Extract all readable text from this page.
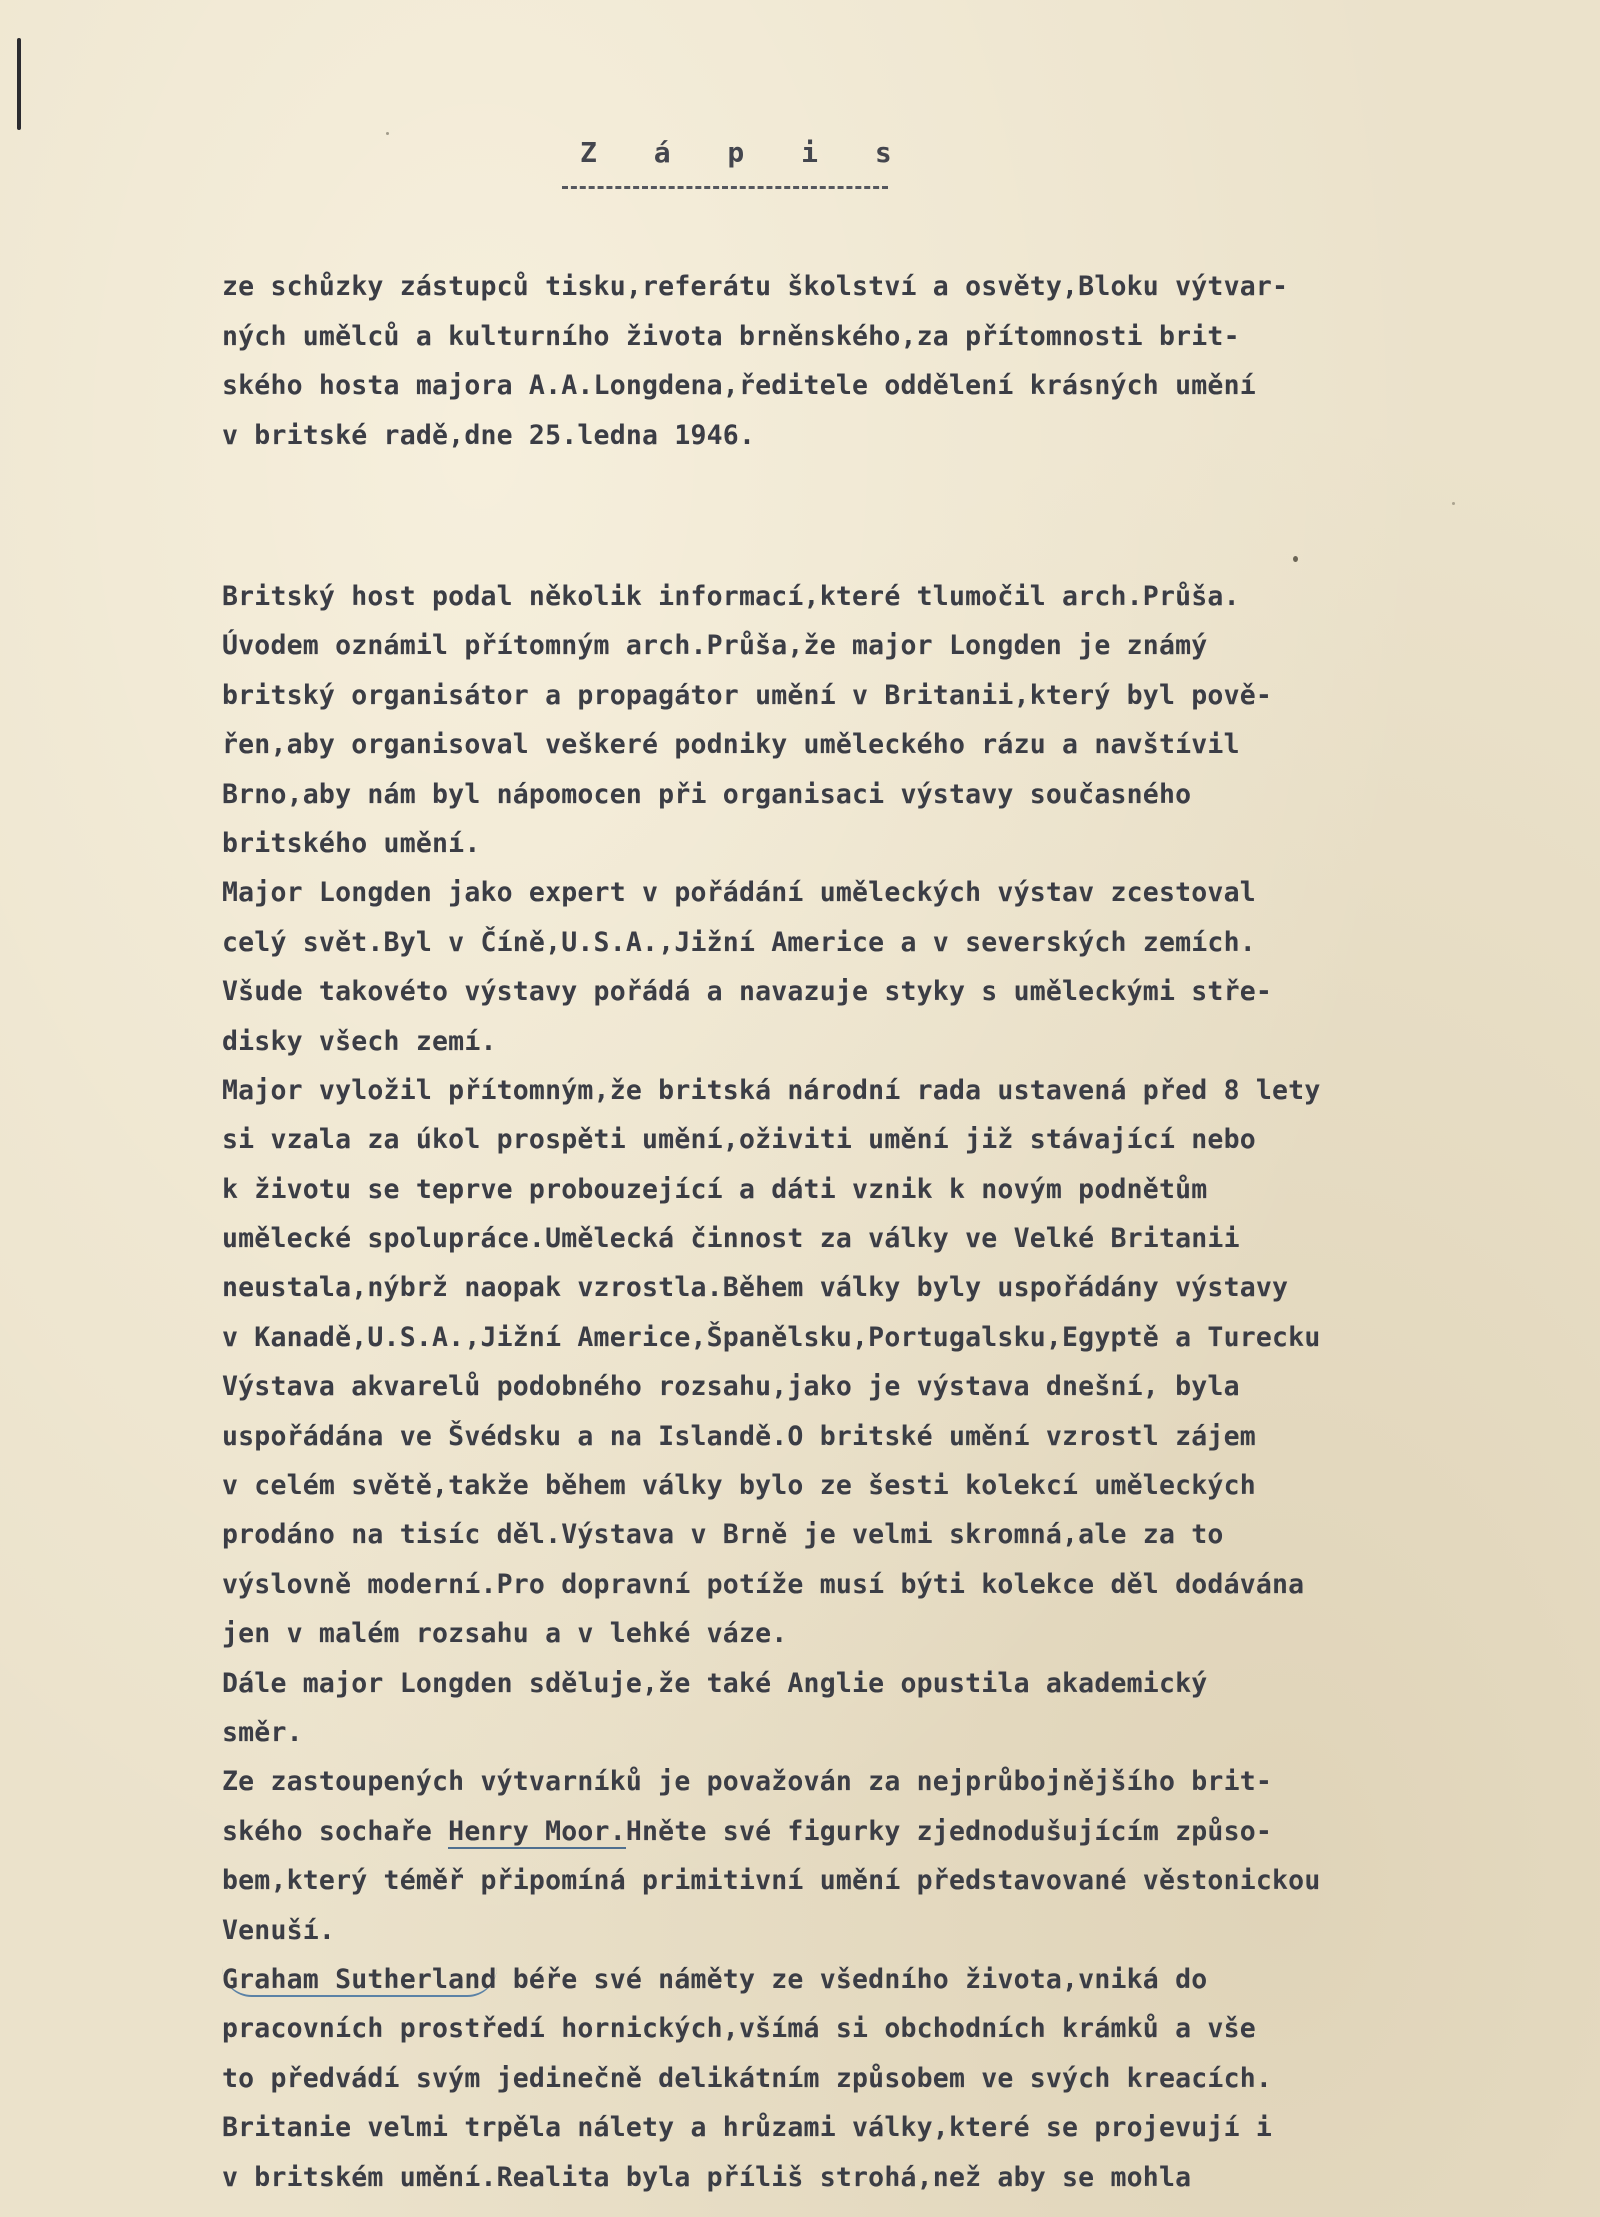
Z á p i s
ze schůzky zástupců tisku,referátu školství a osvěty,Bloku výtvar-
ných umělců a kulturního života brněnského,za přítomnosti brit-
ského hosta majora A.A.Longdena,ředitele oddělení krásných umění
v britské radě,dne 25.ledna 1946.
Britský host podal několik informací,které tlumočil arch.Průša.
Úvodem oznámil přítomným arch.Průša,že major Longden je známý
britský organisátor a propagátor umění v Britanii,který byl pově-
řen,aby organisoval veškeré podniky uměleckého rázu a navštívil
Brno,aby nám byl nápomocen při organisaci výstavy současného
britského umění.
Major Longden jako expert v pořádání uměleckých výstav zcestoval
celý svět.Byl v Číně,U.S.A.,Jižní Americe a v severských zemích.
Všude takovéto výstavy pořádá a navazuje styky s uměleckými stře-
disky všech zemí.
Major vyložil přítomným,že britská národní rada ustavená před 8 lety
si vzala za úkol prospěti umění,oživiti umění již stávající nebo
k životu se teprve probouzející a dáti vznik k novým podnětům
umělecké spolupráce.Umělecká činnost za války ve Velké Britanii
neustala,nýbrž naopak vzrostla.Během války byly uspořádány výstavy
v Kanadě,U.S.A.,Jižní Americe,Španělsku,Portugalsku,Egyptě a Turecku
Výstava akvarelů podobného rozsahu,jako je výstava dnešní, byla
uspořádána ve Švédsku a na Islandě.O britské umění vzrostl zájem
v celém světě,takže během války bylo ze šesti kolekcí uměleckých
prodáno na tisíc děl.Výstava v Brně je velmi skromná,ale za to
výslovně moderní.Pro dopravní potíže musí býti kolekce děl dodávána
jen v malém rozsahu a v lehké váze.
Dále major Longden sděluje,že také Anglie opustila akademický
směr.
Ze zastoupených výtvarníků je považován za nejprůbojnějšího brit-
ského sochaře Henry Moor.Hněte své figurky zjednodušujícím způso-
bem,který téměř připomíná primitivní umění představované věstonickou
Venuší.
Graham Sutherland béře své náměty ze všedního života,vniká do
pracovních prostředí hornických,všímá si obchodních krámků a vše
to předvádí svým jedinečně delikátním způsobem ve svých kreacích.
Britanie velmi trpěla nálety a hrůzami války,které se projevují i
v britském umění.Realita byla příliš strohá,než aby se mohla
